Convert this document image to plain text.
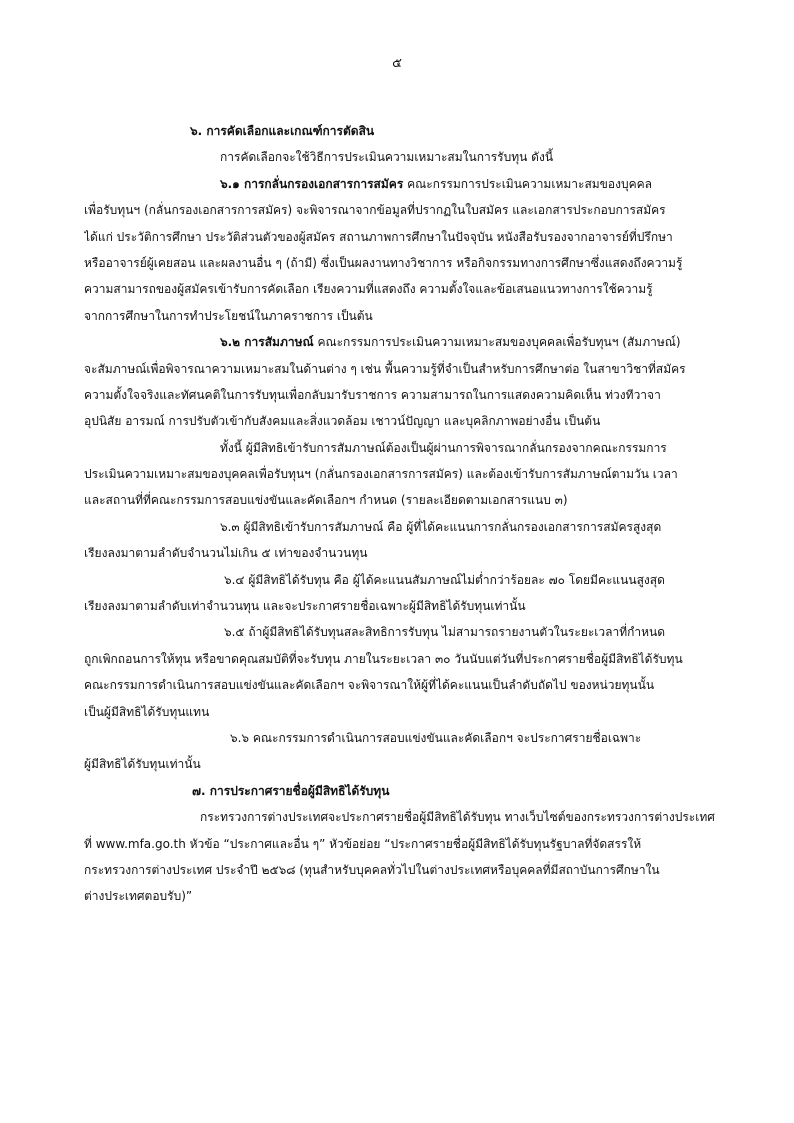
๕
๖. การคัดเลือกและเกณฑ์การตัดสิน
การคัดเลือกจะใช้วิธีการประเมินความเหมาะสมในการรับทุน ดังนี้
๖.๑ การกลั่นกรองเอกสารการสมัคร คณะกรรมการประเมินความเหมาะสมของบุคคล
เพื่อรับทุนฯ (กลั่นกรองเอกสารการสมัคร) จะพิจารณาจากข้อมูลที่ปรากฏในใบสมัคร และเอกสารประกอบการสมัคร
ได้แก่ ประวัติการศึกษา ประวัติส่วนตัวของผู้สมัคร สถานภาพการศึกษาในปัจจุบัน หนังสือรับรองจากอาจารย์ที่ปรึกษา
หรืออาจารย์ผู้เคยสอน และผลงานอื่น ๆ (ถ้ามี) ซึ่งเป็นผลงานทางวิชาการ หรือกิจกรรมทางการศึกษาซึ่งแสดงถึงความรู้
ความสามารถของผู้สมัครเข้ารับการคัดเลือก เรียงความที่แสดงถึง ความตั้งใจและข้อเสนอแนวทางการใช้ความรู้
จากการศึกษาในการทำประโยชน์ในภาคราชการ เป็นต้น
๖.๒ การสัมภาษณ์ คณะกรรมการประเมินความเหมาะสมของบุคคลเพื่อรับทุนฯ (สัมภาษณ์)
จะสัมภาษณ์เพื่อพิจารณาความเหมาะสมในด้านต่าง ๆ เช่น พื้นความรู้ที่จำเป็นสำหรับการศึกษาต่อ ในสาขาวิชาที่สมัคร
ความตั้งใจจริงและทัศนคติในการรับทุนเพื่อกลับมารับราชการ ความสามารถในการแสดงความคิดเห็น ท่วงทีวาจา
อุปนิสัย อารมณ์ การปรับตัวเข้ากับสังคมและสิ่งแวดล้อม เชาวน์ปัญญา และบุคลิกภาพอย่างอื่น เป็นต้น
ทั้งนี้ ผู้มีสิทธิเข้ารับการสัมภาษณ์ต้องเป็นผู้ผ่านการพิจารณากลั่นกรองจากคณะกรรมการ
ประเมินความเหมาะสมของบุคคลเพื่อรับทุนฯ (กลั่นกรองเอกสารการสมัคร) และต้องเข้ารับการสัมภาษณ์ตามวัน เวลา
และสถานที่ที่คณะกรรมการสอบแข่งขันและคัดเลือกฯ กำหนด (รายละเอียดตามเอกสารแนบ ๓)
๖.๓ ผู้มีสิทธิเข้ารับการสัมภาษณ์ คือ ผู้ที่ได้คะแนนการกลั่นกรองเอกสารการสมัครสูงสุด
เรียงลงมาตามลำดับจำนวนไม่เกิน ๕ เท่าของจำนวนทุน
๖.๔ ผู้มีสิทธิได้รับทุน คือ ผู้ได้คะแนนสัมภาษณ์ไม่ต่ำกว่าร้อยละ ๗๐ โดยมีคะแนนสูงสุด
เรียงลงมาตามลำดับเท่าจำนวนทุน และจะประกาศรายชื่อเฉพาะผู้มีสิทธิได้รับทุนเท่านั้น
๖.๕ ถ้าผู้มีสิทธิได้รับทุนสละสิทธิการรับทุน ไม่สามารถรายงานตัวในระยะเวลาที่กำหนด
ถูกเพิกถอนการให้ทุน หรือขาดคุณสมบัติที่จะรับทุน ภายในระยะเวลา ๓๐ วันนับแต่วันที่ประกาศรายชื่อผู้มีสิทธิได้รับทุน
คณะกรรมการดำเนินการสอบแข่งขันและคัดเลือกฯ จะพิจารณาให้ผู้ที่ได้คะแนนเป็นลำดับถัดไป ของหน่วยทุนนั้น
เป็นผู้มีสิทธิได้รับทุนแทน
๖.๖ คณะกรรมการดำเนินการสอบแข่งขันและคัดเลือกฯ จะประกาศรายชื่อเฉพาะ
ผู้มีสิทธิได้รับทุนเท่านั้น
๗. การประกาศรายชื่อผู้มีสิทธิได้รับทุน
กระทรวงการต่างประเทศจะประกาศรายชื่อผู้มีสิทธิได้รับทุน ทางเว็บไซต์ของกระทรวงการต่างประเทศ
ที่ www.mfa.go.th หัวข้อ “ประกาศและอื่น ๆ” หัวข้อย่อย “ประกาศรายชื่อผู้มีสิทธิได้รับทุนรัฐบาลที่จัดสรรให้
กระทรวงการต่างประเทศ ประจำปี ๒๕๖๘ (ทุนสำหรับบุคคลทั่วไปในต่างประเทศหรือบุคคลที่มีสถาบันการศึกษาใน
ต่างประเทศตอบรับ)”
